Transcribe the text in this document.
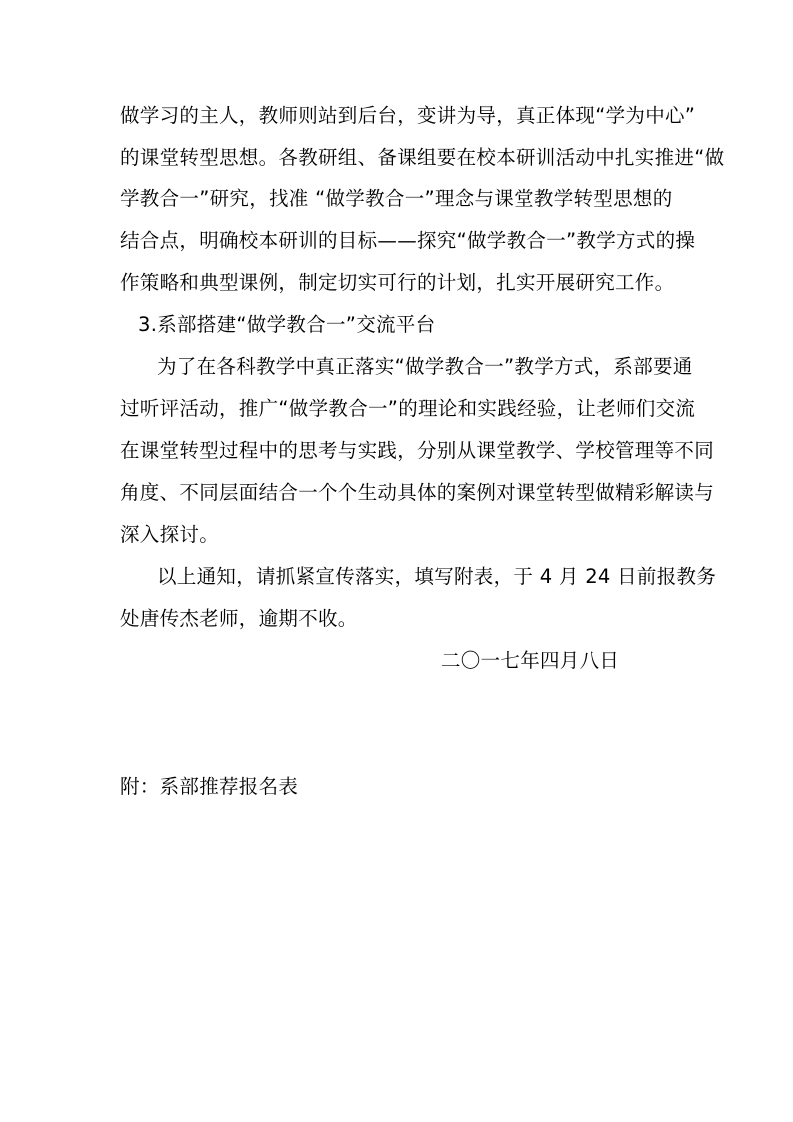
做学习的主人，教师则站到后台，变讲为导，真正体现“学为中心”
的课堂转型思想。各教研组、备课组要在校本研训活动中扎实推进“做
学教合一”研究，找准 “做学教合一”理念与课堂教学转型思想的
结合点，明确校本研训的目标——探究“做学教合一”教学方式的操
作策略和典型课例，制定切实可行的计划，扎实开展研究工作。
3.系部搭建“做学教合一”交流平台
为了在各科教学中真正落实“做学教合一”教学方式，系部要通
过听评活动，推广“做学教合一”的理论和实践经验，让老师们交流
在课堂转型过程中的思考与实践，分别从课堂教学、学校管理等不同
角度、不同层面结合一个个生动具体的案例对课堂转型做精彩解读与
深入探讨。
以上通知，请抓紧宣传落实，填写附表，于 4 月 24 日前报教务
处唐传杰老师，逾期不收。
二〇一七年四月八日
附：系部推荐报名表
